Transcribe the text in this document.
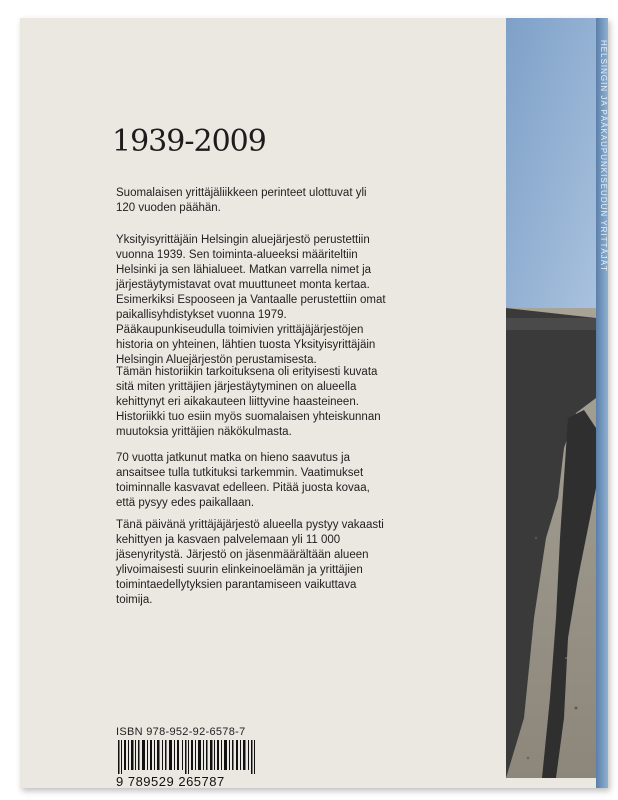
HELSINGIN JA PÄÄKAUPUNKISEUDUN YRITTÄJÄT
1939-2009

Suomalaisen yrittäjäliikkeen perinteet ulottuvat yli 120 vuoden päähän.

Yksityisyrittäjäin Helsingin aluejärjestö perustettiin vuonna 1939. Sen toiminta-alueeksi määriteltiin Helsinki ja sen lähialueet. Matkan varrella nimet ja järjestäytymistavat ovat muuttuneet monta kertaa. Esimerkiksi Espooseen ja Vantaalle perustettiin omat paikallisyhdistykset vuonna 1979. Pääkaupunkiseudulla toimivien yrittäjäjärjestöjen historia on yhteinen, lähtien tuosta Yksityisyrittäjäin Helsingin Aluejärjestön perustamisesta.

Tämän historiikin tarkoituksena oli erityisesti kuvata sitä miten yrittäjien järjestäytyminen on alueella kehittynyt eri aikakauteen liittyvine haasteineen. Historiikki tuo esiin myös suomalaisen yhteiskunnan muutoksia yrittäjien näkökulmasta.

70 vuotta jatkunut matka on hieno saavutus ja ansaitsee tulla tutkituksi tarkemmin. Vaatimukset toiminnalle kasvavat edelleen. Pitää juosta kovaa, että pysyy edes paikallaan.

Tänä päivänä yrittäjäjärjestö alueella pystyy vakaasti kehittyen ja kasvaen palvelemaan yli 11 000 jäsenyritystä. Järjestö on jäsenmäärältään alueen ylivoimaisesti suurin elinkeinoelämän ja yrittäjien toimintaedellytyksien parantamiseen vaikuttava toimija.

ISBN 978-952-92-6578-7
9 789529 265787
